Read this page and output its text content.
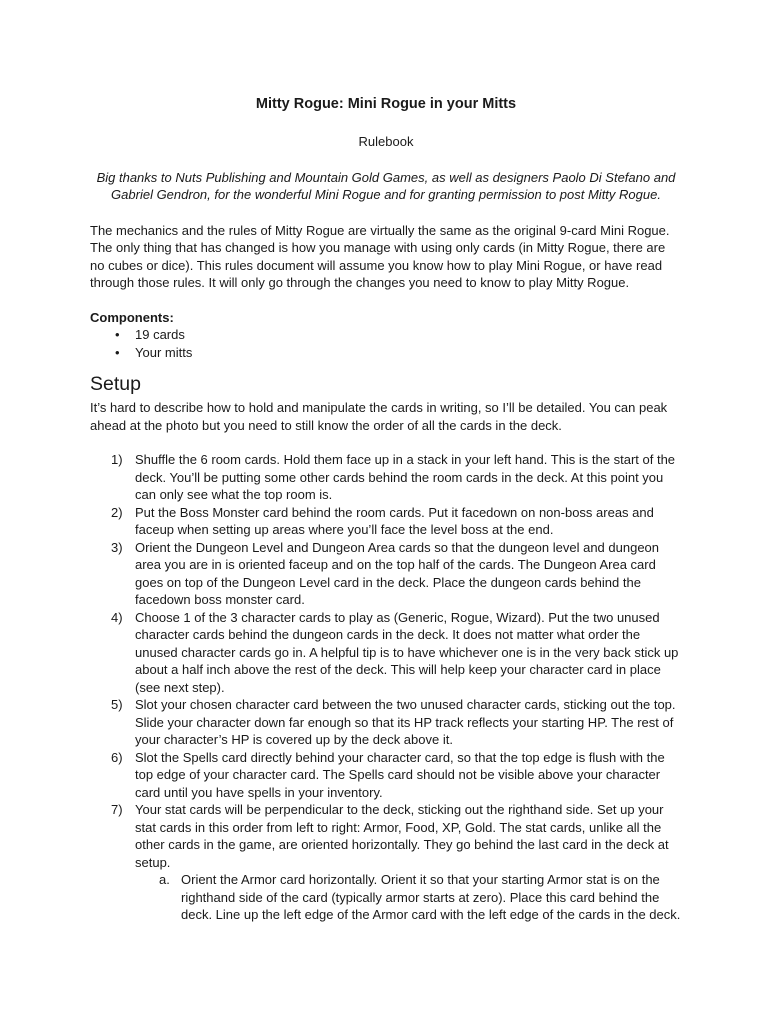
Mitty Rogue: Mini Rogue in your Mitts

Rulebook

Big thanks to Nuts Publishing and Mountain Gold Games, as well as designers Paolo Di Stefano and Gabriel Gendron, for the wonderful Mini Rogue and for granting permission to post Mitty Rogue.

The mechanics and the rules of Mitty Rogue are virtually the same as the original 9-card Mini Rogue. The only thing that has changed is how you manage with using only cards (in Mitty Rogue, there are no cubes or dice). This rules document will assume you know how to play Mini Rogue, or have read through those rules. It will only go through the changes you need to know to play Mitty Rogue.

Components:

• 19 cards
• Your mitts
Setup

It’s hard to describe how to hold and manipulate the cards in writing, so I’ll be detailed. You can peak ahead at the photo but you need to still know the order of all the cards in the deck.

1) Shuffle the 6 room cards. Hold them face up in a stack in your left hand. This is the start of the deck. You’ll be putting some other cards behind the room cards in the deck. At this point you can only see what the top room is.
2) Put the Boss Monster card behind the room cards. Put it facedown on non-boss areas and faceup when setting up areas where you’ll face the level boss at the end.
3) Orient the Dungeon Level and Dungeon Area cards so that the dungeon level and dungeon area you are in is oriented faceup and on the top half of the cards. The Dungeon Area card goes on top of the Dungeon Level card in the deck. Place the dungeon cards behind the facedown boss monster card.
4) Choose 1 of the 3 character cards to play as (Generic, Rogue, Wizard). Put the two unused character cards behind the dungeon cards in the deck. It does not matter what order the unused character cards go in. A helpful tip is to have whichever one is in the very back stick up about a half inch above the rest of the deck. This will help keep your character card in place (see next step).
5) Slot your chosen character card between the two unused character cards, sticking out the top. Slide your character down far enough so that its HP track reflects your starting HP. The rest of your character’s HP is covered up by the deck above it.
6) Slot the Spells card directly behind your character card, so that the top edge is flush with the top edge of your character card. The Spells card should not be visible above your character card until you have spells in your inventory.
7) Your stat cards will be perpendicular to the deck, sticking out the righthand side. Set up your stat cards in this order from left to right: Armor, Food, XP, Gold. The stat cards, unlike all the other cards in the game, are oriented horizontally. They go behind the last card in the deck at setup.
a. Orient the Armor card horizontally. Orient it so that your starting Armor stat is on the righthand side of the card (typically armor starts at zero). Place this card behind the deck. Line up the left edge of the Armor card with the left edge of the cards in the deck.
